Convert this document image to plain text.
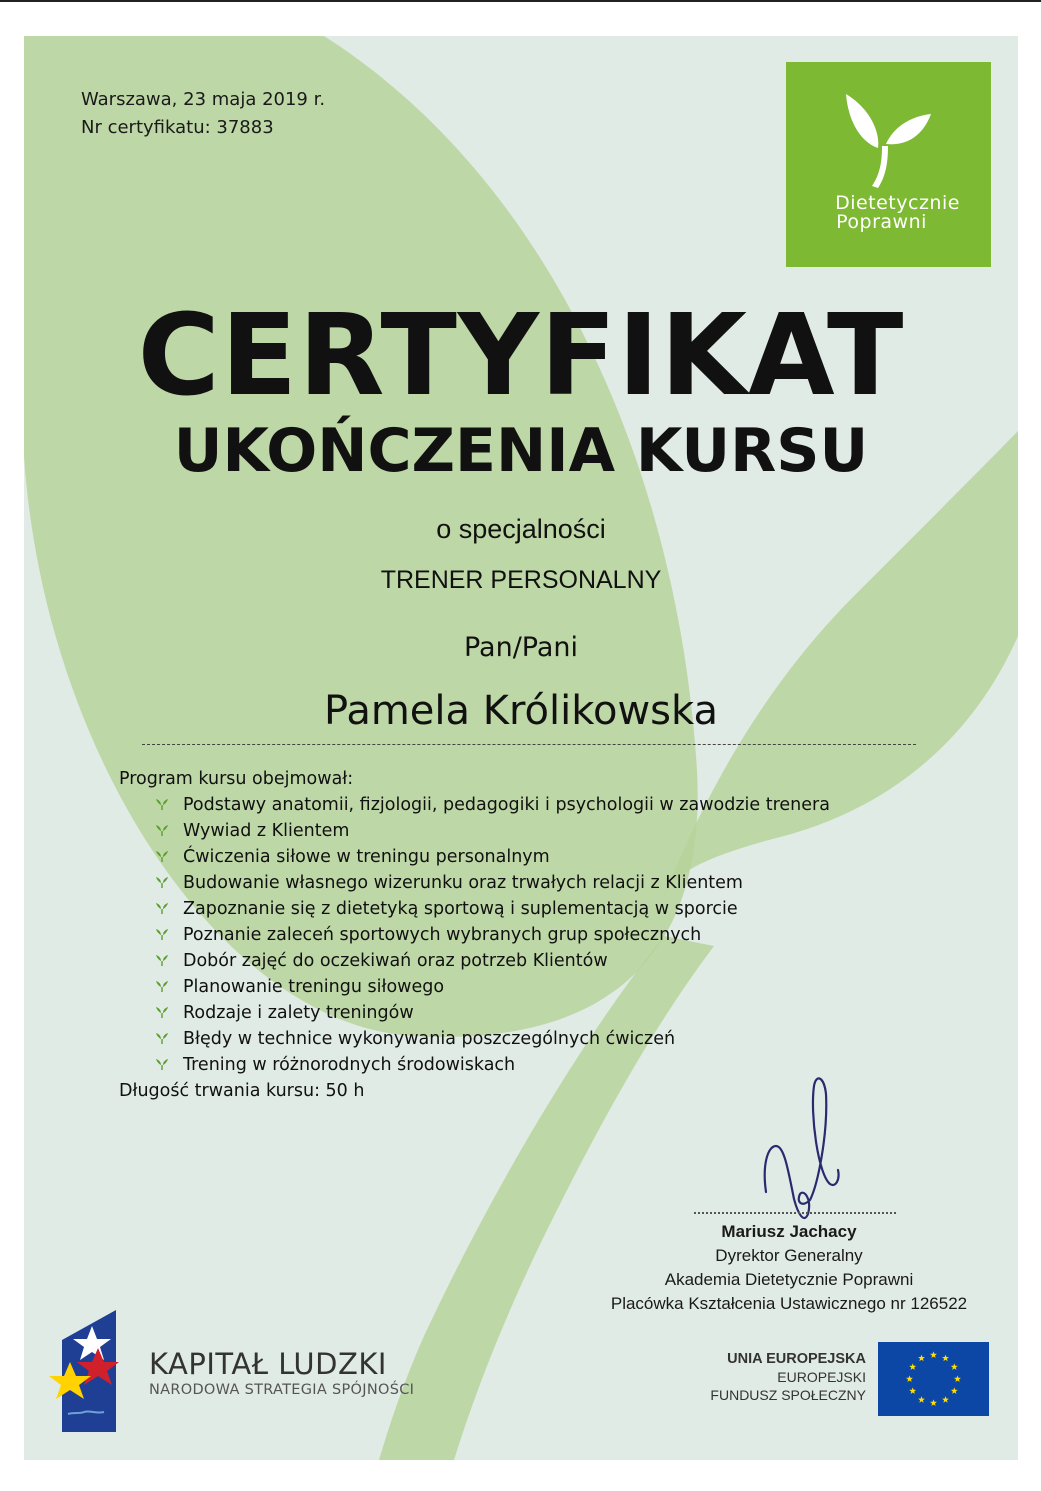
Warszawa, 23 maja 2019 r.
Nr certyfikatu: 37883
Dietetycznie
Poprawni
CERTYFIKAT
UKOŃCZENIA KURSU
o specjalności
TRENER PERSONALNY
Pan/Pani
Pamela Królikowska
Program kursu obejmował:
Podstawy anatomii, fizjologii, pedagogiki i psychologii w zawodzie trenera
Wywiad z Klientem
Ćwiczenia siłowe w treningu personalnym
Budowanie własnego wizerunku oraz trwałych relacji z Klientem
Zapoznanie się z dietetyką sportową i suplementacją w sporcie
Poznanie zaleceń sportowych wybranych grup społecznych
Dobór zajęć do oczekiwań oraz potrzeb Klientów
Planowanie treningu siłowego
Rodzaje i zalety treningów
Błędy w technice wykonywania poszczególnych ćwiczeń
Trening w różnorodnych środowiskach
Długość trwania kursu: 50 h
Mariusz Jachacy
Dyrektor Generalny
Akademia Dietetycznie Poprawni
Placówka Kształcenia Ustawicznego nr 126522
KAPITAŁ LUDZKI
NARODOWA STRATEGIA SPÓJNOŚCI
UNIA EUROPEJSKA
EUROPEJSKI
FUNDUSZ SPOŁECZNY
